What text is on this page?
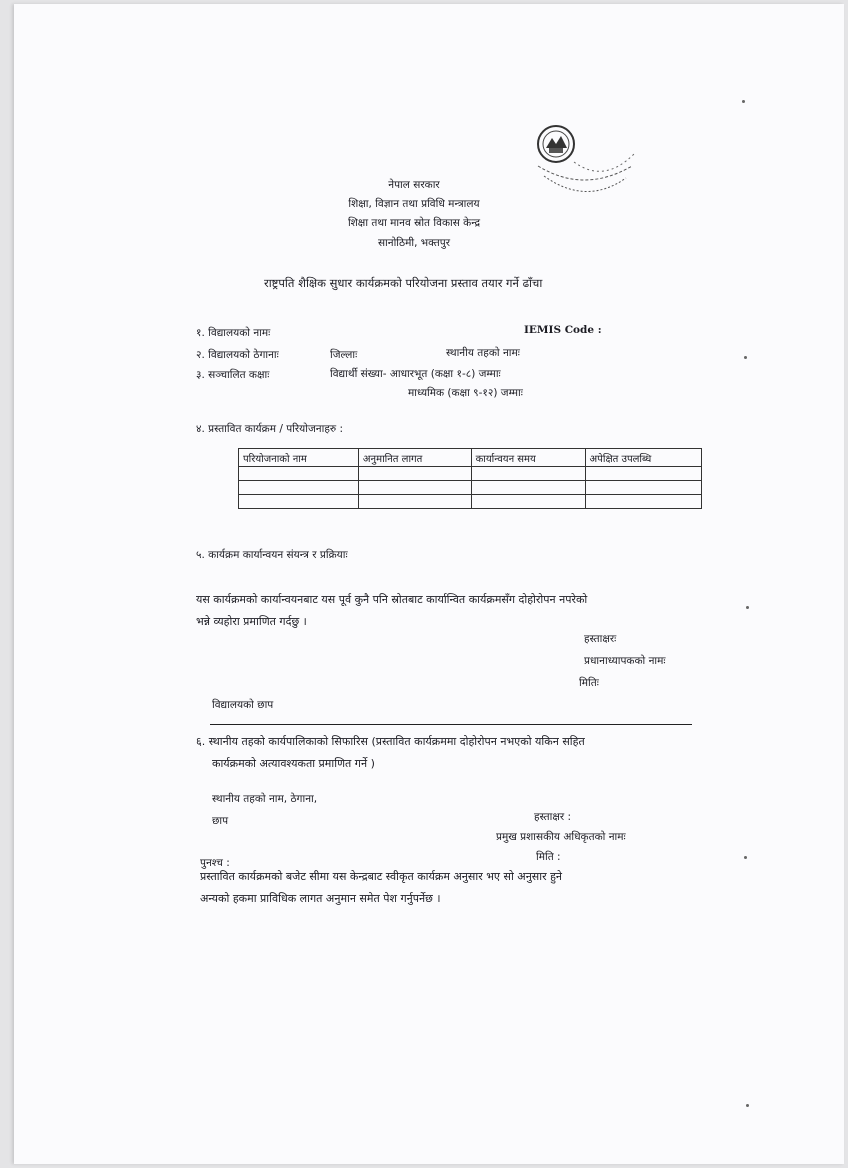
नेपाल सरकार
शिक्षा, विज्ञान तथा प्रविधि मन्त्रालय
शिक्षा तथा मानव स्रोत विकास केन्द्र
सानोठिमी, भक्तपुर
राष्ट्रपति शैक्षिक सुधार कार्यक्रमको परियोजना प्रस्ताव तयार गर्ने ढाँचा
१. विद्यालयको नामः	IEMIS Code :
२. विद्यालयको ठेगानाः	जिल्लाः	स्थानीय तहको नामः
३. सञ्चालित कक्षाः	विद्यार्थी संख्या- आधारभूत (कक्षा १-८) जम्माः
माध्यमिक (कक्षा ९-१२) जम्माः
४. प्रस्तावित कार्यक्रम / परियोजनाहरु :
परियोजनाको नाम	अनुमानित लागत	कार्यान्वयन समय	अपेक्षित उपलब्धि

५. कार्यक्रम कार्यान्वयन संयन्त्र र प्रक्रियाः
यस कार्यक्रमको कार्यान्वयनबाट यस पूर्व कुनै पनि स्रोतबाट कार्यान्वित कार्यक्रमसँग दोहोरोपन नपरेको
भन्ने व्यहोरा प्रमाणित गर्दछु ।
हस्ताक्षरः
प्रधानाध्यापकको नामः
मितिः
विद्यालयको छाप
६. स्थानीय तहको कार्यपालिकाको सिफारिस (प्रस्तावित कार्यक्रममा दोहोरोपन नभएको यकिन सहित
कार्यक्रमको अत्यावश्यकता प्रमाणित गर्ने )
स्थानीय तहको नाम, ठेगाना,
छाप	हस्ताक्षर :
प्रमुख प्रशासकीय अधिकृतको नामः
मिति :
पुनश्च :
प्रस्तावित कार्यक्रमको बजेट सीमा यस केन्द्रबाट स्वीकृत कार्यक्रम अनुसार भए सो अनुसार हुने
अन्यको हकमा प्राविधिक लागत अनुमान समेत पेश गर्नुपर्नेछ ।
